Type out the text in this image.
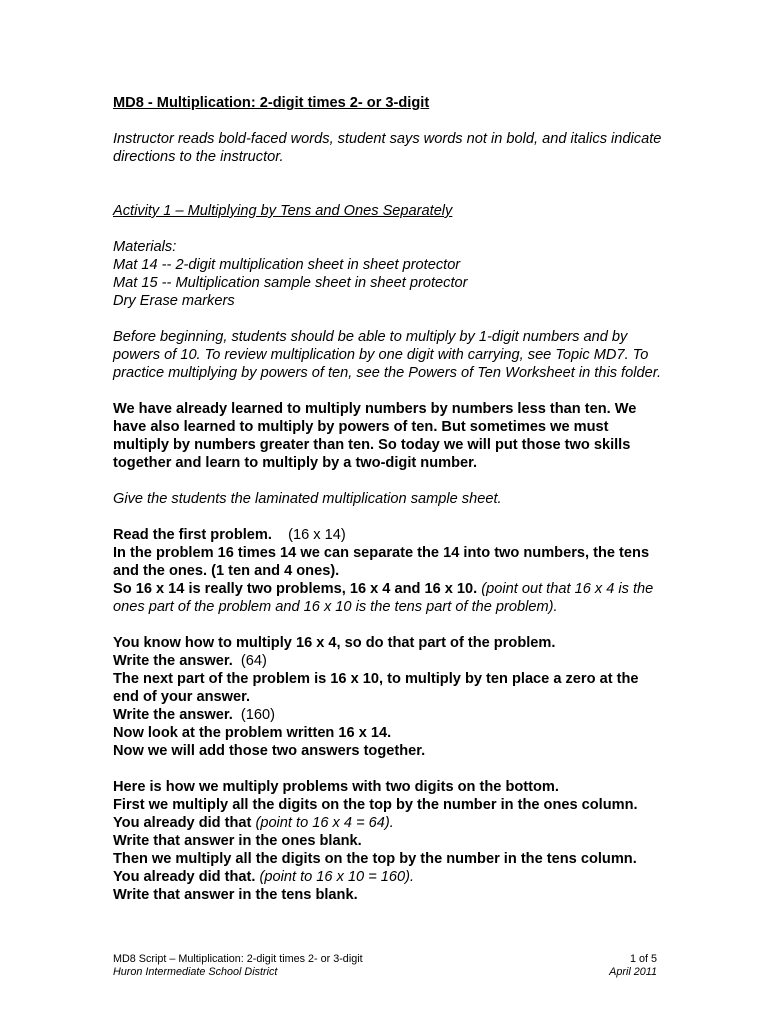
MD8 - Multiplication: 2-digit times 2- or 3-digit
Instructor reads bold-faced words, student says words not in bold, and italics indicate directions to the instructor.
Activity 1 – Multiplying by Tens and Ones Separately
Materials:
Mat 14 -- 2-digit multiplication sheet in sheet protector
Mat 15 -- Multiplication sample sheet in sheet protector
Dry Erase markers
Before beginning, students should be able to multiply by 1-digit numbers and by powers of 10. To review multiplication by one digit with carrying, see Topic MD7. To practice multiplying by powers of ten, see the Powers of Ten Worksheet in this folder.
We have already learned to multiply numbers by numbers less than ten. We have also learned to multiply by powers of ten. But sometimes we must multiply by numbers greater than ten. So today we will put those two skills together and learn to multiply by a two-digit number.
Give the students the laminated multiplication sample sheet.
Read the first problem. (16 x 14)
In the problem 16 times 14 we can separate the 14 into two numbers, the tens and the ones. (1 ten and 4 ones).
So 16 x 14 is really two problems, 16 x 4 and 16 x 10. (point out that 16 x 4 is the ones part of the problem and 16 x 10 is the tens part of the problem).
You know how to multiply 16 x 4, so do that part of the problem.
Write the answer. (64)
The next part of the problem is 16 x 10, to multiply by ten place a zero at the end of your answer.
Write the answer. (160)
Now look at the problem written 16 x 14.
Now we will add those two answers together.
Here is how we multiply problems with two digits on the bottom.
First we multiply all the digits on the top by the number in the ones column.
You already did that (point to 16 x 4 = 64).
Write that answer in the ones blank.
Then we multiply all the digits on the top by the number in the tens column.
You already did that. (point to 16 x 10 = 160).
Write that answer in the tens blank.
MD8 Script – Multiplication: 2-digit times 2- or 3-digit	1 of 5
Huron Intermediate School District	April 2011
